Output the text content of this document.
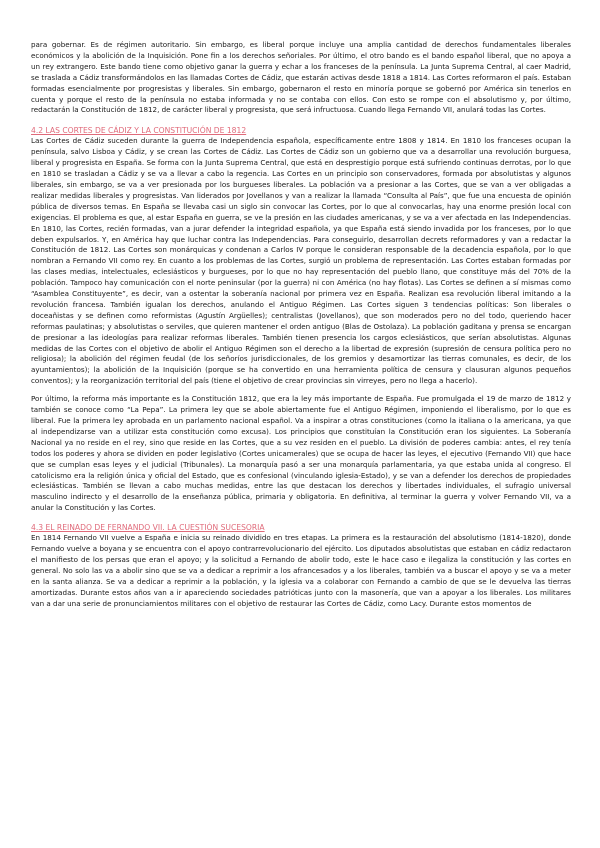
para gobernar. Es de régimen autoritario. Sin embargo, es liberal porque incluye una amplia cantidad de derechos fundamentales liberales económicos y la abolición de la Inquisición. Pone fin a los derechos señoriales. Por último, el otro bando es el bando español liberal, que no apoya a un rey extrangero. Este bando tiene como objetivo ganar la guerra y echar a los franceses de la península. La Junta Suprema Central, al caer Madrid, se traslada a Cádiz transformándolos en las llamadas Cortes de Cádiz, que estarán activas desde 1818 a 1814. Las Cortes reformaron el país. Estaban formadas esencialmente por progresistas y liberales. Sin embargo, gobernaron el resto en minoría porque se gobernó por América sin tenerlos en cuenta y porque el resto de la península no estaba informada y no se contaba con ellos. Con esto se rompe con el absolutismo y, por último, redactarán la Constitución de 1812, de carácter liberal y progresista, que será infructuosa. Cuando llega Fernando VII, anulará todas las Cortes.

4.2 LAS CORTES DE CÁDIZ Y LA CONSTITUCIÓN DE 1812

Las Cortes de Cádiz suceden durante la guerra de Independencia española, específicamente entre 1808 y 1814. En 1810 los franceses ocupan la península, salvo Lisboa y Cádiz, y se crean las Cortes de Cádiz. Las Cortes de Cádiz son un gobierno que va a desarrollar una revolución burguesa, liberal y progresista en España. Se forma con la Junta Suprema Central, que está en desprestigio porque está sufriendo continuas derrotas, por lo que en 1810 se trasladan a Cádiz y se va a llevar a cabo la regencia. Las Cortes en un principio son conservadores, formada por absolutistas y algunos liberales, sin embargo, se va a ver presionada por los burgueses liberales. La población va a presionar a las Cortes, que se van a ver obligadas a realizar medidas liberales y progresistas. Van liderados por Jovellanos y van a realizar la llamada “Consulta al País”, que fue una encuesta de opinión pública de diversos temas. En España se llevaba casi un siglo sin convocar las Cortes, por lo que al convocarlas, hay una enorme presión local con exigencias. El problema es que, al estar España en guerra, se ve la presión en las ciudades americanas, y se va a ver afectada en las Independencias. En 1810, las Cortes, recién formadas, van a jurar defender la integridad española, ya que España está siendo invadida por los franceses, por lo que deben expulsarlos. Y, en América hay que luchar contra las Independencias. Para conseguirlo, desarrollan decrets reformadores y van a redactar la Constitución de 1812. Las Cortes son monárquicas y condenan a Carlos IV porque le consideran responsable de la decadencia española, por lo que nombran a Fernando VII como rey. En cuanto a los problemas de las Cortes, surgió un problema de representación. Las Cortes estaban formadas por las clases medias, intelectuales, eclesiásticos y burgueses, por lo que no hay representación del pueblo llano, que constituye más del 70% de la población. Tampoco hay comunicación con el norte peninsular (por la guerra) ni con América (no hay flotas). Las Cortes se definen a sí mismas como “Asamblea Constituyente”, es decir, van a ostentar la soberanía nacional por primera vez en España. Realizan esa revolución liberal imitando a la revolución francesa. También igualan los derechos, anulando el Antiguo Régimen. Las Cortes siguen 3 tendencias políticas: Son liberales o doceañistas y se definen como reformistas (Agustín Argüelles); centralistas (Jovellanos), que son moderados pero no del todo, queriendo hacer reformas paulatinas; y absolutistas o serviles, que quieren mantener el orden antiguo (Blas de Ostolaza). La población gaditana y prensa se encargan de presionar a las ideologías para realizar reformas liberales. También tienen presencia los cargos eclesiásticos, que serían absolutistas. Algunas medidas de las Cortes con el objetivo de abolir el Antiguo Régimen son el derecho a la libertad de expresión (supresión de censura política pero no religiosa); la abolición del régimen feudal (de los señoríos jurisdiccionales, de los gremios y desamortizar las tierras comunales, es decir, de los ayuntamientos); la abolición de la Inquisición (porque se ha convertido en una herramienta política de censura y clausuran algunos pequeños conventos); y la reorganización territorial del país (tiene el objetivo de crear provincias sin virreyes, pero no llega a hacerlo).

Por último, la reforma más importante es la Constitución 1812, que era la ley más importante de España. Fue promulgada el 19 de marzo de 1812 y también se conoce como “La Pepa”. La primera ley que se abole abiertamente fue el Antiguo Régimen, imponiendo el liberalismo, por lo que es liberal. Fue la primera ley aprobada en un parlamento nacional español. Va a inspirar a otras constituciones (como la italiana o la americana, ya que al independizarse van a utilizar esta constitución como excusa). Los principios que constituían la Constitución eran los siguientes. La Soberanía Nacional ya no reside en el rey, sino que reside en las Cortes, que a su vez residen en el pueblo. La división de poderes cambia: antes, el rey tenía todos los poderes y ahora se dividen en poder legislativo (Cortes unicamerales) que se ocupa de hacer las leyes, el ejecutivo (Fernando VII) que hace que se cumplan esas leyes y el judicial (Tribunales). La monarquía pasó a ser una monarquía parlamentaria, ya que estaba unida al congreso. El catolicismo era la religión única y oficial del Estado, que es confesional (vinculando iglesia-Estado), y se van a defender los derechos de propiedades eclesiásticas. También se llevan a cabo muchas medidas, entre las que destacan los derechos y libertades individuales, el sufragio universal masculino indirecto y el desarrollo de la enseñanza pública, primaria y obligatoria. En definitiva, al terminar la guerra y volver Fernando VII, va a anular la Constitución y las Cortes.

4.3 EL REINADO DE FERNANDO VII. LA CUESTIÓN SUCESORIA

En 1814 Fernando VII vuelve a España e inicia su reinado dividido en tres etapas. La primera es la restauración del absolutismo (1814-1820), donde Fernando vuelve a boyana y se encuentra con el apoyo contrarrevolucionario del ejército. Los diputados absolutistas que estaban en cádiz redactaron el manifiesto de los persas que eran el apoyo; y la solicitud a Fernando de abolir todo, este le hace caso e ilegaliza la constitución y las cortes en general. No solo las va a abolir sino que se va a dedicar a reprimir a los afrancesados y a los liberales, también va a buscar el apoyo y se va a meter en la santa alianza. Se va a dedicar a reprimir a la población, y la iglesia va a colaborar con Fernando a cambio de que se le devuelva las tierras amortizadas. Durante estos años van a ir apareciendo sociedades patrióticas junto con la masonería, que van a apoyar a los liberales. Los militares van a dar una serie de pronunciamientos militares con el objetivo de restaurar las Cortes de Cádiz, como Lacy. Durante estos momentos de
